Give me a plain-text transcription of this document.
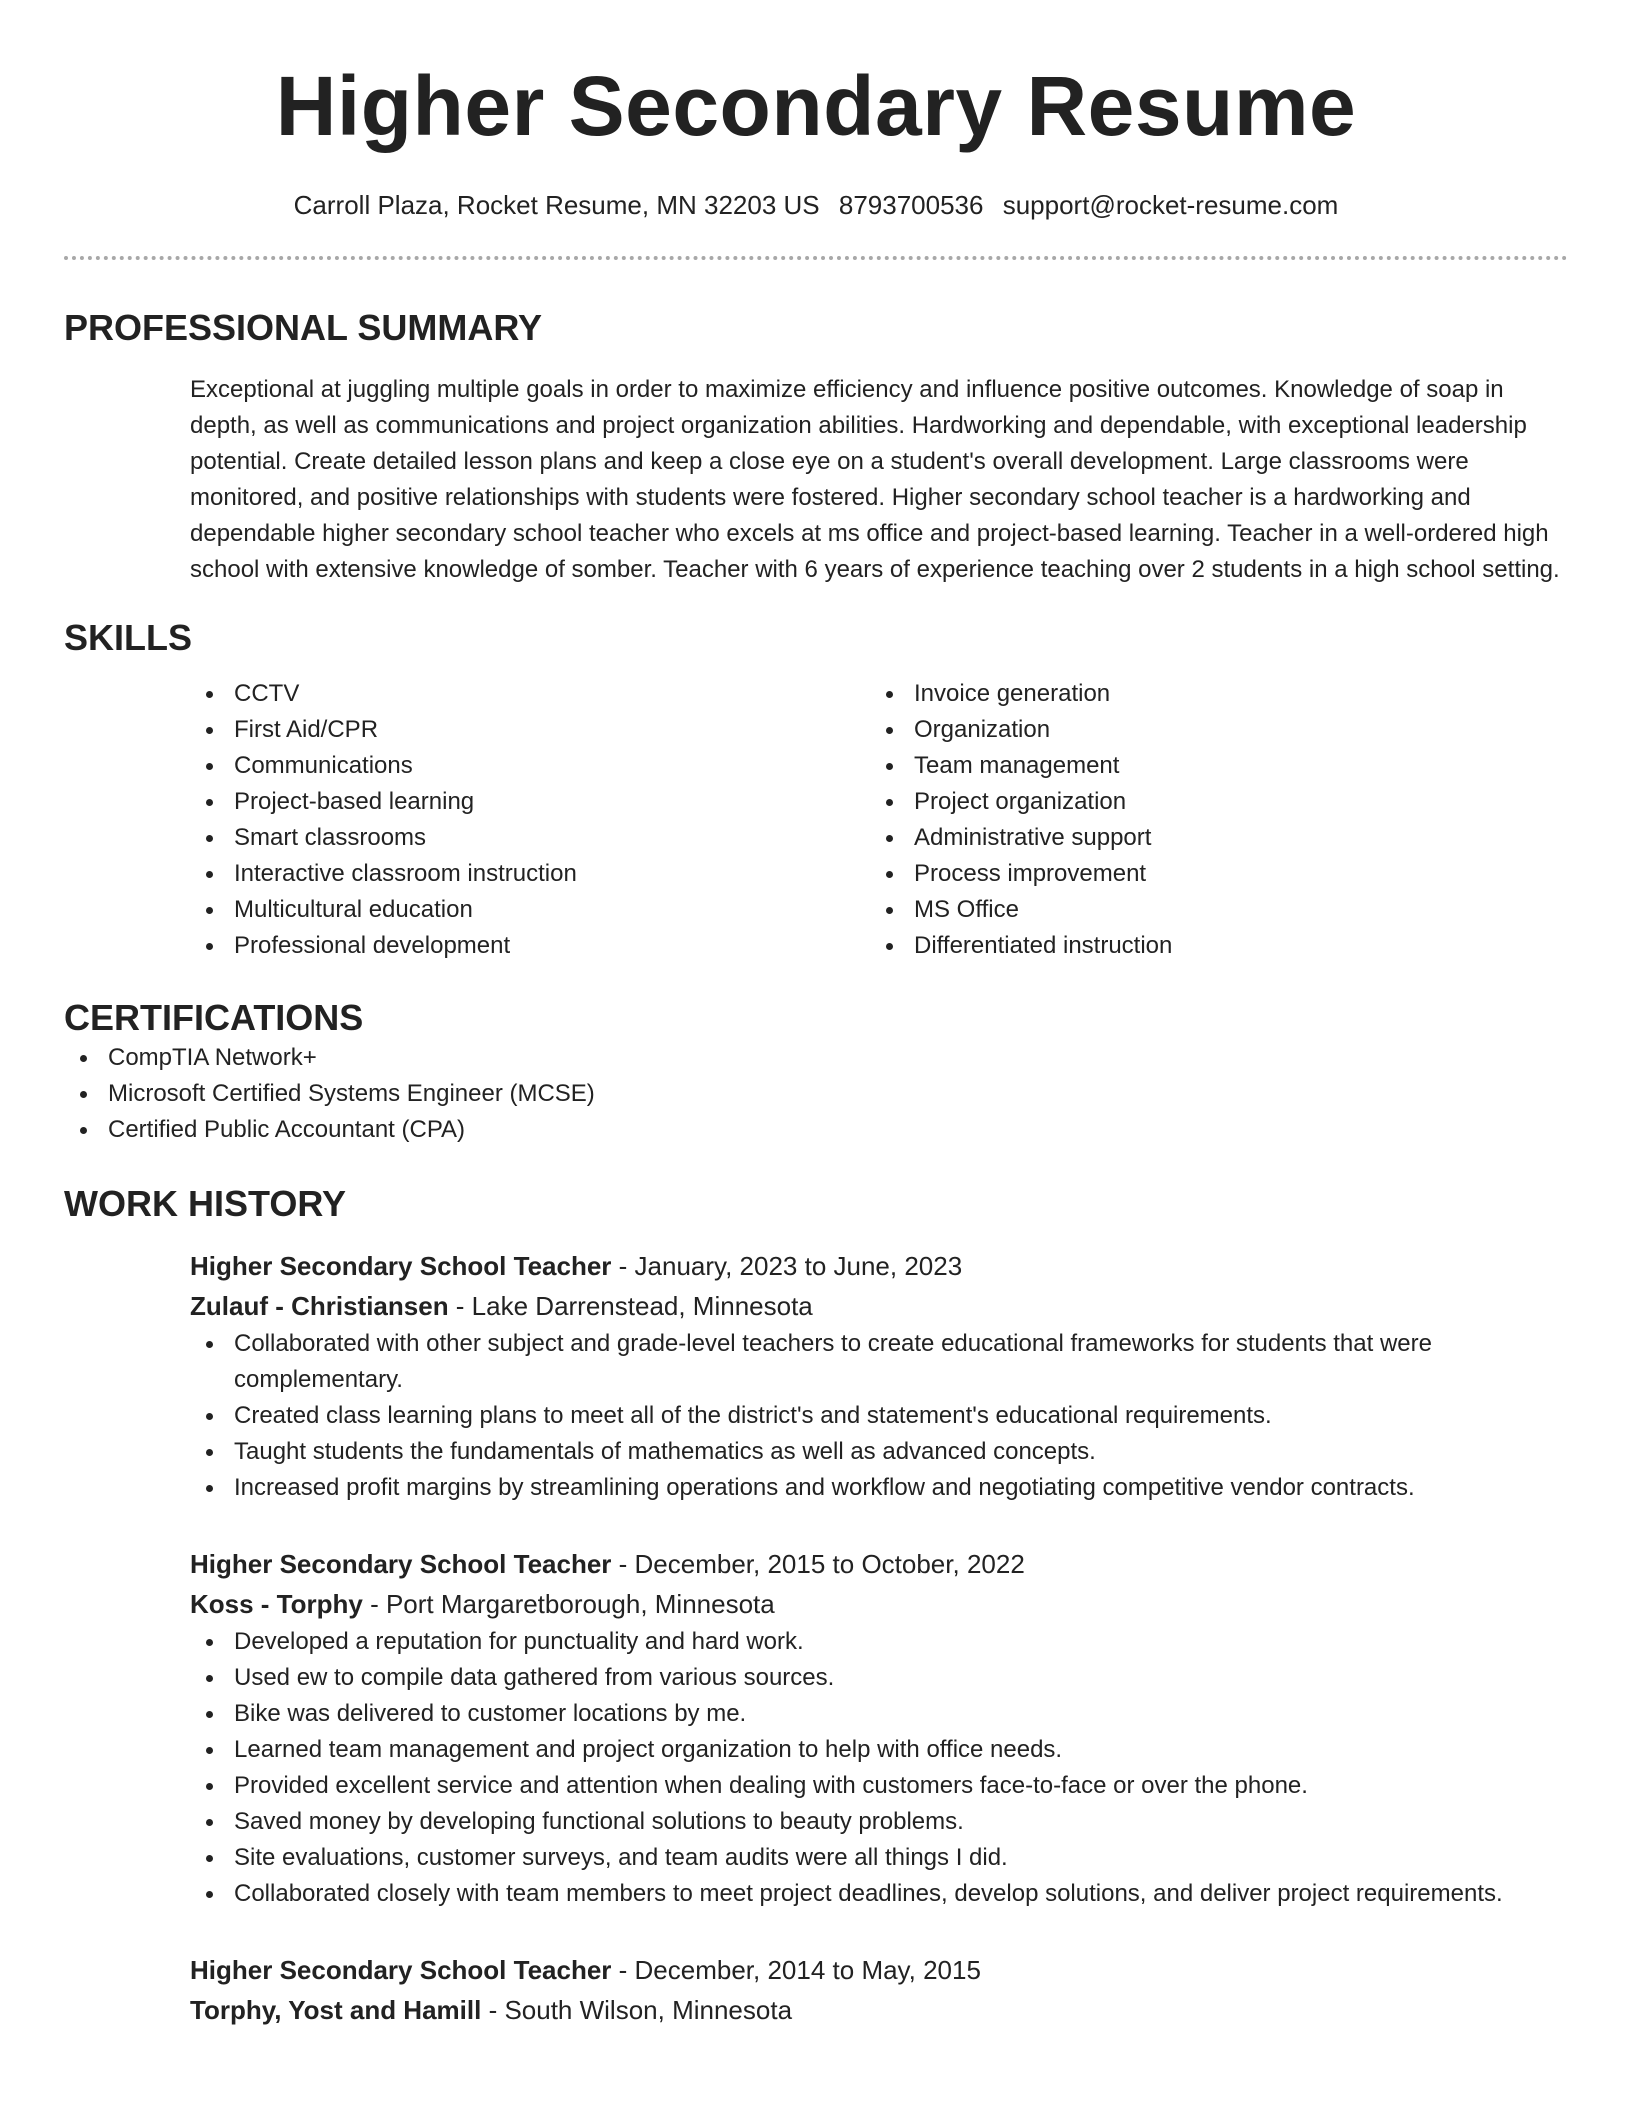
Higher Secondary Resume
Carroll Plaza, Rocket Resume, MN 32203 US 8793700536 support@rocket-resume.com
PROFESSIONAL SUMMARY

Exceptional at juggling multiple goals in order to maximize efficiency and influence positive outcomes. Knowledge of soap in depth, as well as communications and project organization abilities. Hardworking and dependable, with exceptional leadership potential. Create detailed lesson plans and keep a close eye on a student's overall development. Large classrooms were monitored, and positive relationships with students were fostered. Higher secondary school teacher is a hardworking and dependable higher secondary school teacher who excels at ms office and project-based learning. Teacher in a well-ordered high school with extensive knowledge of somber. Teacher with 6 years of experience teaching over 2 students in a high school setting.

SKILLS
CCTV
First Aid/CPR
Communications
Project-based learning
Smart classrooms
Interactive classroom instruction
Multicultural education
Professional development
Invoice generation
Organization
Team management
Project organization
Administrative support
Process improvement
MS Office
Differentiated instruction
CERTIFICATIONS
CompTIA Network+
Microsoft Certified Systems Engineer (MCSE)
Certified Public Accountant (CPA)
WORK HISTORY
Higher Secondary School Teacher - January, 2023 to June, 2023
Zulauf - Christiansen - Lake Darrenstead, Minnesota
Collaborated with other subject and grade-level teachers to create educational frameworks for students that were complementary.
Created class learning plans to meet all of the district's and statement's educational requirements.
Taught students the fundamentals of mathematics as well as advanced concepts.
Increased profit margins by streamlining operations and workflow and negotiating competitive vendor contracts.
Higher Secondary School Teacher - December, 2015 to October, 2022
Koss - Torphy - Port Margaretborough, Minnesota
Developed a reputation for punctuality and hard work.
Used ew to compile data gathered from various sources.
Bike was delivered to customer locations by me.
Learned team management and project organization to help with office needs.
Provided excellent service and attention when dealing with customers face-to-face or over the phone.
Saved money by developing functional solutions to beauty problems.
Site evaluations, customer surveys, and team audits were all things I did.
Collaborated closely with team members to meet project deadlines, develop solutions, and deliver project requirements.
Higher Secondary School Teacher - December, 2014 to May, 2015
Torphy, Yost and Hamill - South Wilson, Minnesota
